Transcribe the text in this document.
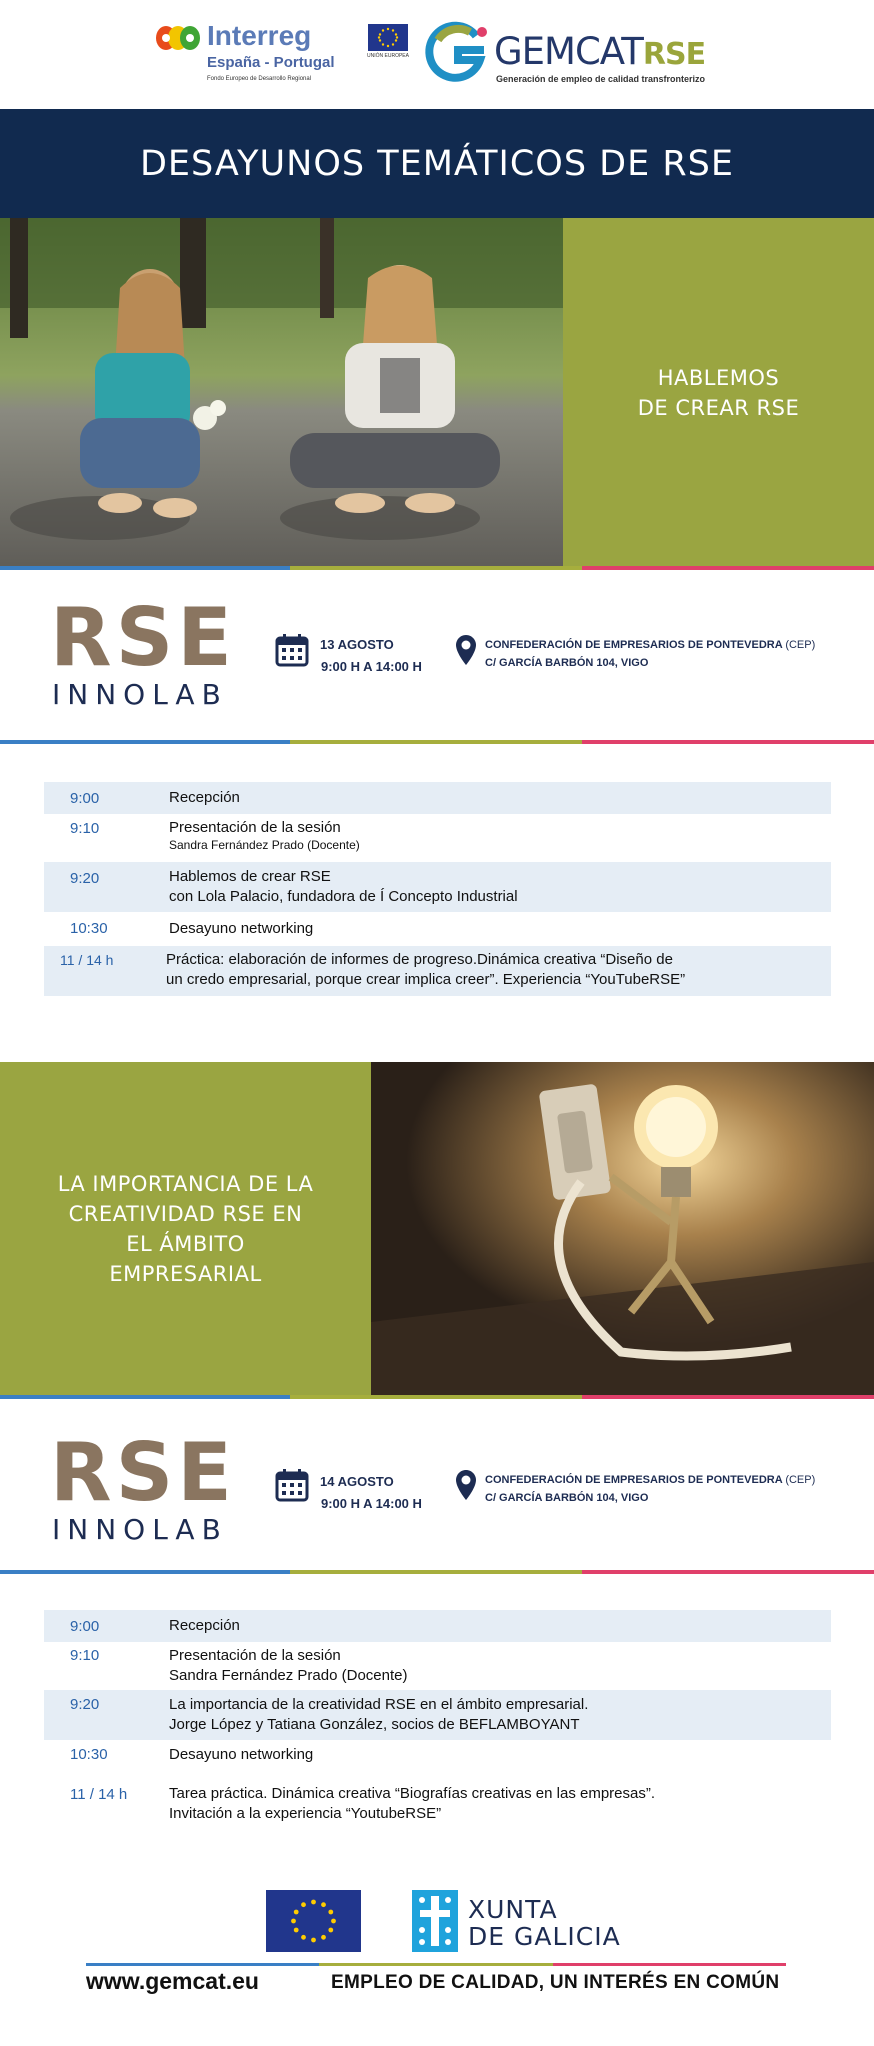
Interreg
España - Portugal
Fondo Europeo de Desarrollo Regional
UNIÓN EUROPEA GEMCATRSE
Generación de empleo de calidad transfronterizo
DESAYUNOS TEMÁTICOS DE RSE
HABLEMOS
DE CREAR RSE
RSE
INNOLAB
13 AGOSTO
9:00 H A 14:00 H
CONFEDERACIÓN DE EMPRESARIOS DE PONTEVEDRA (CEP)
C/ GARCÍA BARBÓN 104, VIGO
9:00	Recepción
9:10	Presentación de la sesión
Sandra Fernández Prado (Docente)
9:20	Hablemos de crear RSE
con Lola Palacio, fundadora de Í Concepto Industrial
10:30	Desayuno networking
11 / 14 h	Práctica: elaboración de informes de progreso.Dinámica creativa “Diseño de
un credo empresarial, porque crear implica creer”. Experiencia “YouTubeRSE”
LA IMPORTANCIA DE LA
CREATIVIDAD RSE EN
EL ÁMBITO
EMPRESARIAL
RSE
INNOLAB
14 AGOSTO
9:00 H A 14:00 H
CONFEDERACIÓN DE EMPRESARIOS DE PONTEVEDRA (CEP)
C/ GARCÍA BARBÓN 104, VIGO
9:00	Recepción
9:10	Presentación de la sesión
Sandra Fernández Prado (Docente)
9:20	La importancia de la creatividad RSE en el ámbito empresarial.
Jorge López y Tatiana González, socios de BEFLAMBOYANT
10:30	Desayuno networking
11 / 14 h	Tarea práctica. Dinámica creativa “Biografías creativas en las empresas”.
Invitación a la experiencia “YoutubeRSE”
XUNTA
DE GALICIA
www.gemcat.eu	EMPLEO DE CALIDAD, UN INTERÉS EN COMÚN
